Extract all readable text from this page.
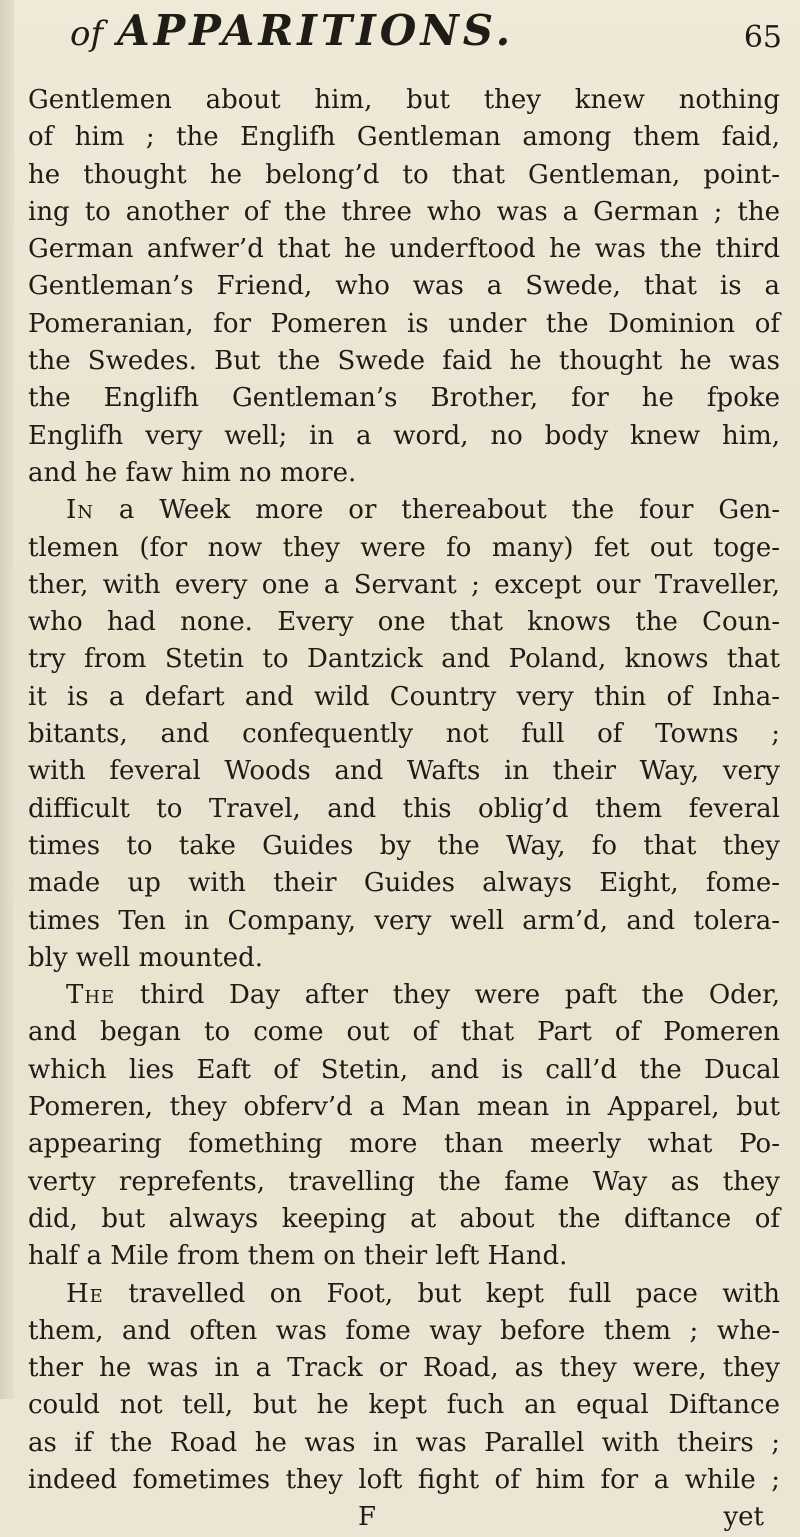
of APPARITIONS.	65
Gentlemen about him, but they knew nothing
of him ; the Englifh Gentleman among them faid,
he thought he belong’d to that Gentleman, point-
ing to another of the three who was a German ; the
German anfwer’d that he underftood he was the third
Gentleman’s Friend, who was a Swede, that is a
Pomeranian, for Pomeren is under the Dominion of
the Swedes. But the Swede faid he thought he was
the Englifh Gentleman’s Brother, for he fpoke
Englifh very well; in a word, no body knew him,
and he faw him no more.
In a Week more or thereabout the four Gen-
tlemen (for now they were fo many) fet out toge-
ther, with every one a Servant ; except our Traveller,
who had none. Every one that knows the Coun-
try from Stetin to Dantzick and Poland, knows that
it is a defart and wild Country very thin of Inha-
bitants, and confequently not full of Towns ;
with feveral Woods and Wafts in their Way, very
difficult to Travel, and this oblig’d them feveral
times to take Guides by the Way, fo that they
made up with their Guides always Eight, fome-
times Ten in Company, very well arm’d, and tolera-
bly well mounted.
The third Day after they were paft the Oder,
and began to come out of that Part of Pomeren
which lies Eaft of Stetin, and is call’d the Ducal
Pomeren, they obferv’d a Man mean in Apparel, but
appearing fomething more than meerly what Po-
verty reprefents, travelling the fame Way as they
did, but always keeping at about the diftance of
half a Mile from them on their left Hand.
He travelled on Foot, but kept full pace with
them, and often was fome way before them ; whe-
ther he was in a Track or Road, as they were, they
could not tell, but he kept fuch an equal Diftance
as if the Road he was in was Parallel with theirs ;
indeed fometimes they loft fight of him for a while ;
F	yet
